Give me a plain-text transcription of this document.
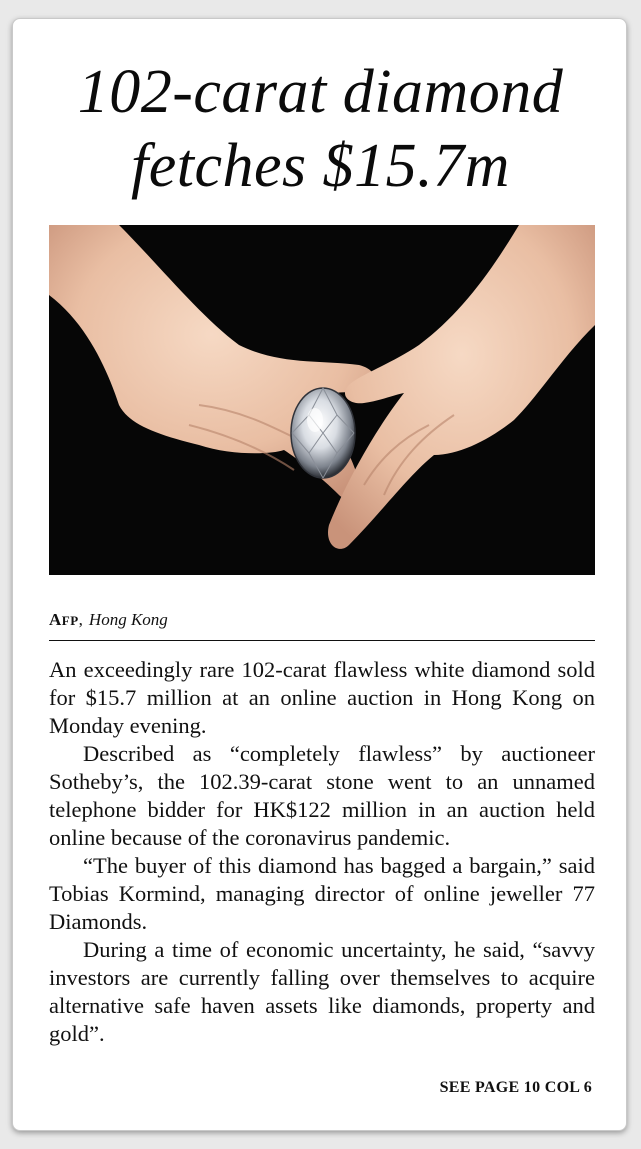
102-carat diamond
fetches $15.7m
AFP, Hong Kong

An exceedingly rare 102-carat flawless white diamond sold for $15.7 million at an online auction in Hong Kong on Monday evening.

Described as “completely flawless” by auctioneer Sotheby’s, the 102.39-carat stone went to an unnamed telephone bidder for HK$122 million in an auction held online because of the coronavirus pandemic.

“The buyer of this diamond has bagged a bargain,” said Tobias Kormind, managing director of online jeweller 77 Diamonds.

During a time of economic uncertainty, he said, “savvy investors are currently falling over themselves to acquire alternative safe haven assets like diamonds, property and gold”.

SEE PAGE 10 COL 6
